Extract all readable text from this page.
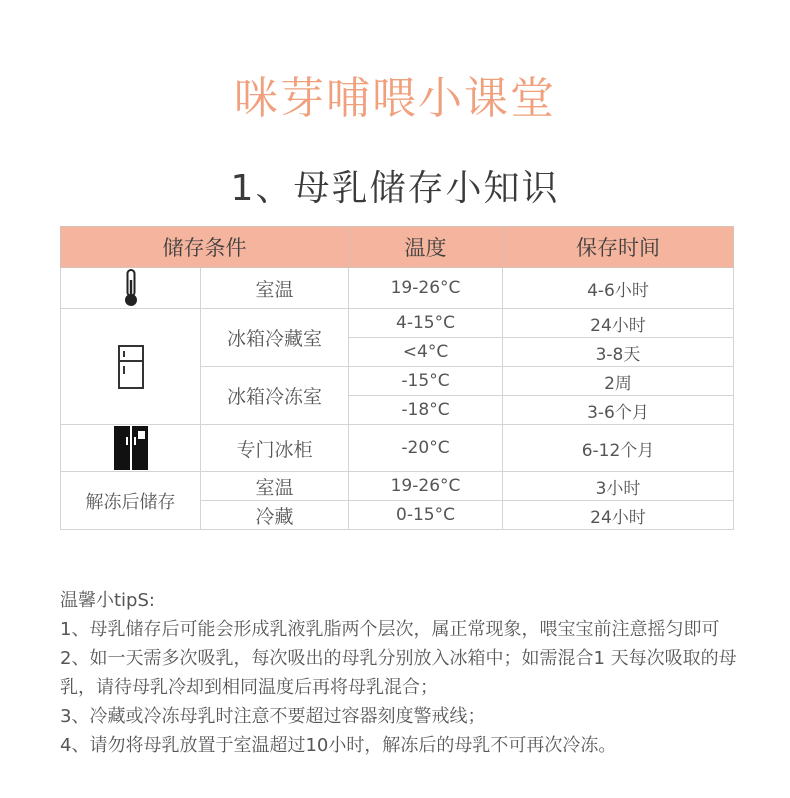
咪芽哺喂小课堂
1、母乳储存小知识
储存条件		温度	保存时间

	室温	19-26°C	4-6小时

	冰箱冷藏室	4-15°C	24小时
		<4°C	3-8天
	冰箱冷冻室	-15°C	2周
		-18°C	3-6个月

	专门冰柜	-20°C	6-12个月
解冻后储存	室温	19-26°C	3小时
	冷藏	0-15°C	24小时

温馨小tipS:

1、母乳储存后可能会形成乳液乳脂两个层次，属正常现象，喂宝宝前注意摇匀即可

2、如一天需多次吸乳，每次吸出的母乳分别放入冰箱中；如需混合1 天每次吸取的母乳，请待母乳冷却到相同温度后再将母乳混合；

3、冷藏或冷冻母乳时注意不要超过容器刻度警戒线；

4、请勿将母乳放置于室温超过10小时，解冻后的母乳不可再次冷冻。
